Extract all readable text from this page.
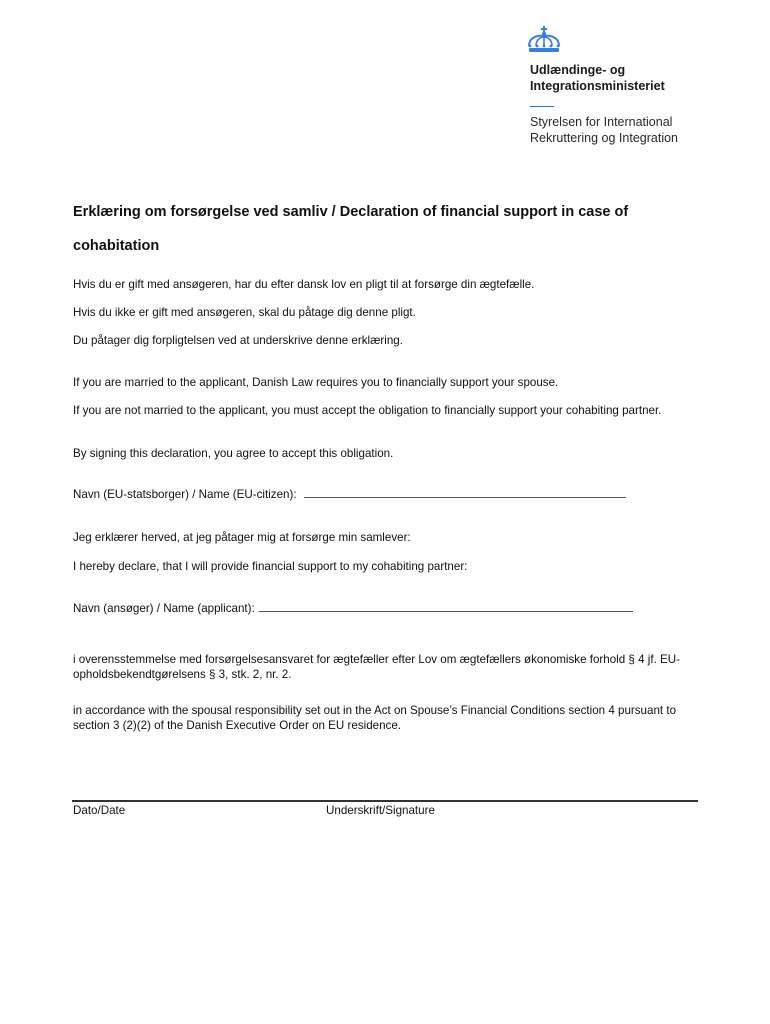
Udlændinge- og
Integrationsministeriet
Styrelsen for International
Rekruttering og Integration
Erklæring om forsørgelse ved samliv / Declaration of financial support in case of cohabitation
Hvis du er gift med ansøgeren, har du efter dansk lov en pligt til at forsørge din ægtefælle.
Hvis du ikke er gift med ansøgeren, skal du påtage dig denne pligt.
Du påtager dig forpligtelsen ved at underskrive denne erklæring.
If you are married to the applicant, Danish Law requires you to financially support your spouse.
If you are not married to the applicant, you must accept the obligation to financially support your cohabiting partner.
By signing this declaration, you agree to accept this obligation.
Navn (EU-statsborger) / Name (EU-citizen):
Jeg erklærer herved, at jeg påtager mig at forsørge min samlever:
I hereby declare, that I will provide financial support to my cohabiting partner:
Navn (ansøger) / Name (applicant):
i overensstemmelse med forsørgelsesansvaret for ægtefæller efter Lov om ægtefællers økonomiske forhold § 4 jf. EU-opholdsbekendtgørelsens § 3, stk. 2, nr. 2.
in accordance with the spousal responsibility set out in the Act on Spouse’s Financial Conditions section 4 pursuant to section 3 (2)(2) of the Danish Executive Order on EU residence.
Dato/Date	Underskrift/Signature
